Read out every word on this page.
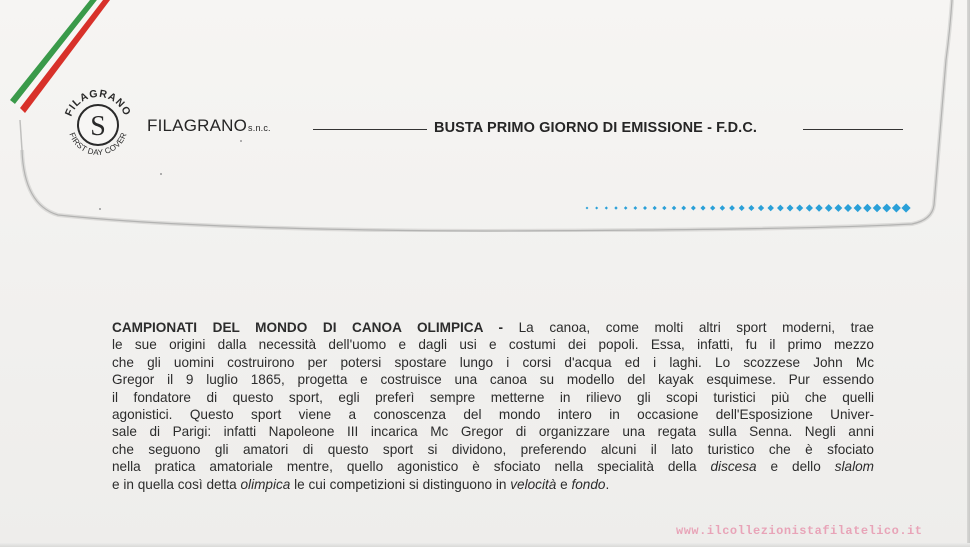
FILAGRANO
S
FIRST DAY COVER
FILAGRANOs.n.c.	BUSTA PRIMO GIORNO DI EMISSIONE - F.D.C.
CAMPIONATI DEL MONDO DI CANOA OLIMPICA - La canoa, come molti altri sport moderni, trae
le sue origini dalla necessità dell'uomo e dagli usi e costumi dei popoli. Essa, infatti, fu il primo mezzo
che gli uomini costruirono per potersi spostare lungo i corsi d'acqua ed i laghi. Lo scozzese John Mc
Gregor il 9 luglio 1865, progetta e costruisce una canoa su modello del kayak esquimese. Pur essendo
il fondatore di questo sport, egli preferì sempre metterne in rilievo gli scopi turistici più che quelli
agonistici. Questo sport viene a conoscenza del mondo intero in occasione dell'Esposizione Univer-
sale di Parigi: infatti Napoleone III incarica Mc Gregor di organizzare una regata sulla Senna. Negli anni
che seguono gli amatori di questo sport si dividono, preferendo alcuni il lato turistico che è sfociato
nella pratica amatoriale mentre, quello agonistico è sfociato nella specialità della discesa e dello slalom
e in quella così detta olimpica le cui competizioni si distinguono in velocità e fondo.
www.ilcollezionistafilatelico.it
